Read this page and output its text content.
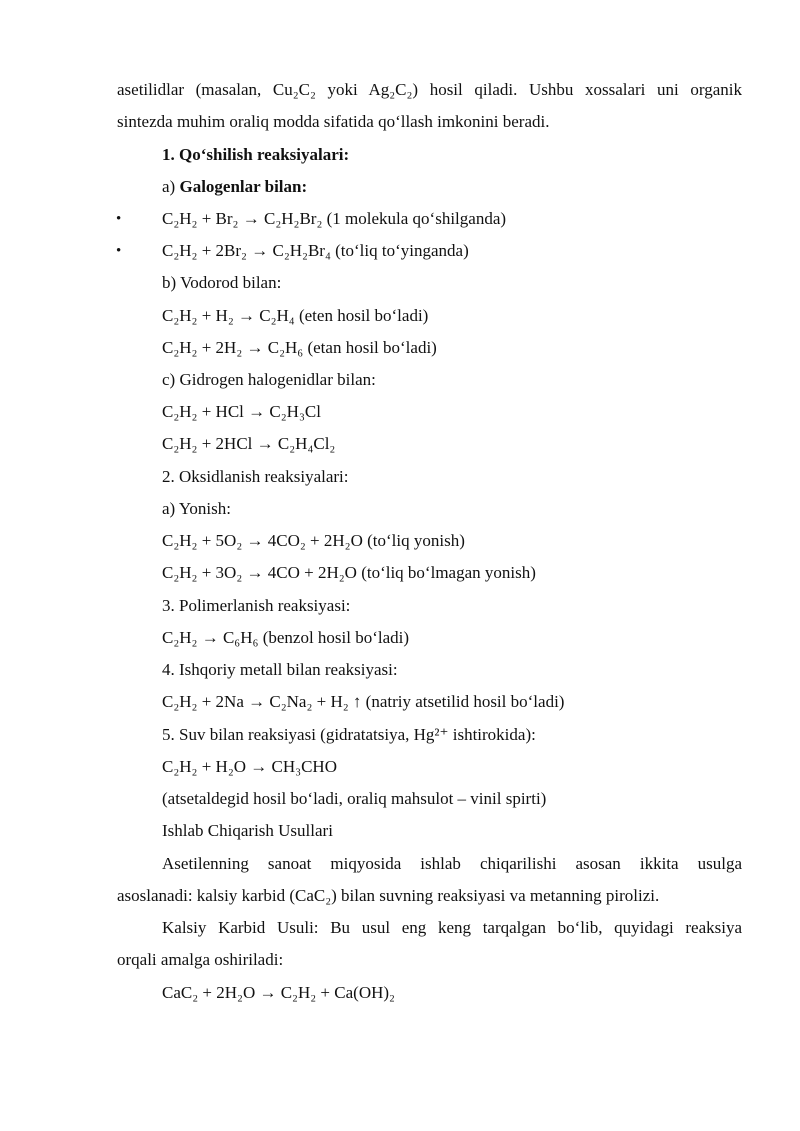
asetilidlar (masalan, Cu₂C₂ yoki Ag₂C₂) hosil qiladi. Ushbu xossalari uni organik
sintezda muhim oraliq modda sifatida qo‘llash imkonini beradi.
1. Qo‘shilish reaksiyalari:
a) Galogenlar bilan:
• C₂H₂ + Br₂ → C₂H₂Br₂ (1 molekula qo‘shilganda)
• C₂H₂ + 2Br₂ → C₂H₂Br₄ (to‘liq to‘yinganda)
b) Vodorod bilan:
C₂H₂ + H₂ → C₂H₄ (eten hosil bo‘ladi)
C₂H₂ + 2H₂ → C₂H₆ (etan hosil bo‘ladi)
c) Gidrogen halogenidlar bilan:
C₂H₂ + HCl → C₂H₃Cl
C₂H₂ + 2HCl → C₂H₄Cl₂
2. Oksidlanish reaksiyalari:
a) Yonish:
C₂H₂ + 5O₂ → 4CO₂ + 2H₂O (to‘liq yonish)
C₂H₂ + 3O₂ → 4CO + 2H₂O (to‘liq bo‘lmagan yonish)
3. Polimerlanish reaksiyasi:
C₂H₂ → C₆H₆ (benzol hosil bo‘ladi)
4. Ishqoriy metall bilan reaksiyasi:
C₂H₂ + 2Na → C₂Na₂ + H₂ ↑ (natriy atsetilid hosil bo‘ladi)
5. Suv bilan reaksiyasi (gidratatsiya, Hg²⁺ ishtirokida):
C₂H₂ + H₂O → CH₃CHO
(atsetaldegid hosil bo‘ladi, oraliq mahsulot – vinil spirti)
Ishlab Chiqarish Usullari
Asetilenning sanoat miqyosida ishlab chiqarilishi asosan ikkita usulga
asoslanadi: kalsiy karbid (CaC₂) bilan suvning reaksiyasi va metanning pirolizi.
Kalsiy Karbid Usuli: Bu usul eng keng tarqalgan bo‘lib, quyidagi reaksiya
orqali amalga oshiriladi:
CaC₂ + 2H₂O → C₂H₂ + Ca(OH)₂
